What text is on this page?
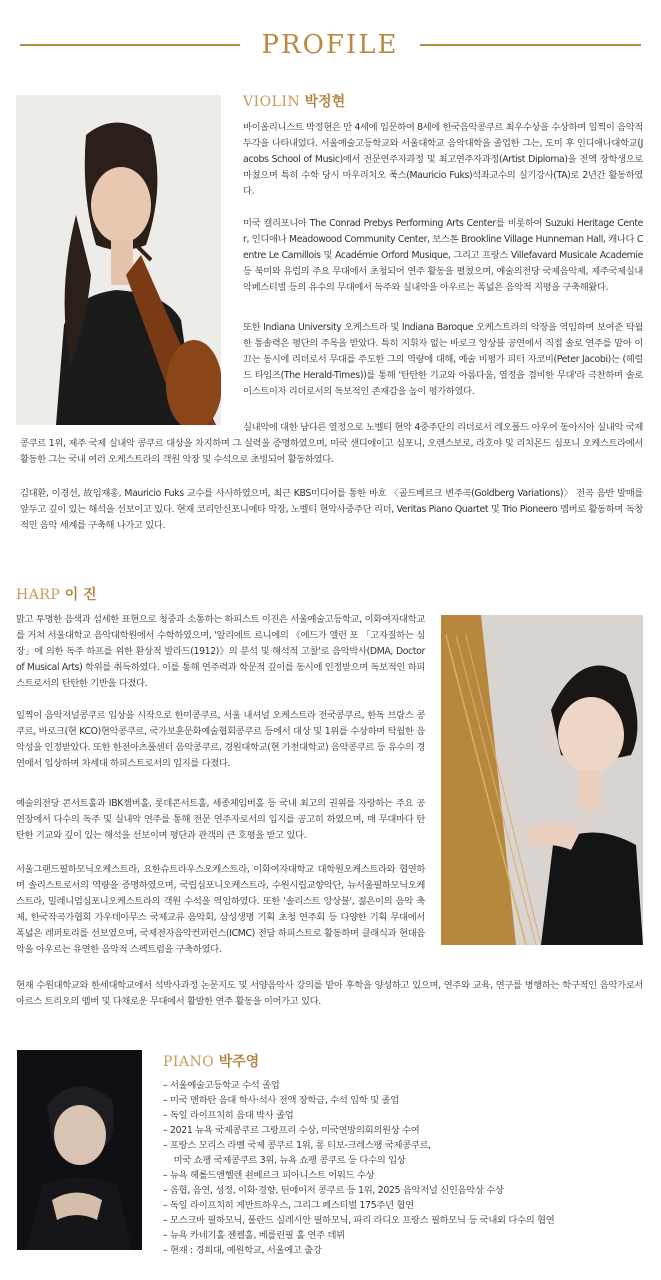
PROFILE
VIOLIN 박정현

바이올리니스트 박정현은 만 4세에 입문하여 8세에 한국음악콩쿠르 최우수상을 수상하며 일찍이 음악적 두각을 나타내었다. 서울예술고등학교와 서울대학교 음악대학을 졸업한 그는, 도미 후 인디애나대학교(Jacobs School of Music)에서 전문연주자과정 및 최고연주자과정(Artist Diploma)을 전액 장학생으로 마쳤으며 특히 수학 당시 마우리치오 푹스(Mauricio Fuks)석좌교수의 실기강사(TA)로 2년간 활동하였다.

미국 캘리포니아 The Conrad Prebys Performing Arts Center를 비롯하여 Suzuki Heritage Center, 인디애나 Meadowood Community Center, 보스톤 Brookline Village Hunneman Hall, 캐나다 Centre Le Camillois 및 Académie Orford Musique, 그리고 프랑스 Villefavard Musicale Academie 등 북미와 유럽의 주요 무대에서 초청되어 연주 활동을 펼쳤으며, 예술의전당 국제음악제, 제주국제실내악페스티벌 등의 유수의 무대에서 독주와 실내악을 아우르는 폭넓은 음악적 지평을 구축해왔다.

또한 Indiana University 오케스트라 및 Indiana Baroque 오케스트라의 악장을 역임하며 보여준 탁월한 통솔력은 평단의 주목을 받았다. 특히 지휘자 없는 바로크 앙상블 공연에서 직접 솔로 연주를 맡아 이끄는 동시에 리더로서 무대를 주도한 그의 역량에 대해, 예술 비평가 피터 자코비(Peter Jacobi)는 (헤럴드 타임즈(The Herald-Times))를 통해 '탄탄한 기교와 아름다움, 열정을 겸비한 무대'라 극찬하며 솔로이스트이자 리더로서의 독보적인 존재감을 높이 평가하였다.

실내악에 대한 남다른 열정으로 노벨티 현악 4중주단의 리더로서 레오폴드 아우어 동아시아 실내악 국제 콩쿠르 1위, 제주 국제 실내악 콩쿠르 대상을 차지하며 그 실력을 증명하였으며, 미국 샌디에이고 심포니, 오렌스보로, 라호야 및 리치몬드 심포니 오케스트라에서 활동한 그는 국내 여러 오케스트라의 객원 악장 및 수석으로 초빙되어 활동하였다.

김대환, 이경선, 故임재홍, Mauricio Fuks 교수를 사사하였으며, 최근 KBS미디어를 통한 바흐 〈골드베르크 변주곡(Goldberg Variations)〉 전곡 음반 발매를 앞두고 깊이 있는 해석을 선보이고 있다. 현재 코리안신포니에타 악장, 노벨티 현악사중주단 리더, Veritas Piano Quartet 및 Trio Pioneero 멤버로 활동하며 독창적인 음악 세계를 구축해 나가고 있다.

HARP 이 진

맑고 투명한 음색과 섬세한 표현으로 청중과 소통하는 하피스트 이진은 서울예술고등학교, 이화여자대학교를 거쳐 서울대학교 음악대학원에서 수학하였으며, '알리에트 르니에의 《에드가 앨런 포 「고자질하는 심장」에 의한 독주 하프를 위한 환상적 발라드(1912)》의 분석 및 해석적 고찰'로 음악박사(DMA, Doctor of Musical Arts) 학위를 취득하였다. 이를 통해 연주력과 학문적 깊이를 동시에 인정받으며 독보적인 하피스트로서의 탄탄한 기반을 다졌다.

일찍이 음악저널콩쿠르 입상을 시작으로 한미콩쿠르, 서울 내셔널 오케스트라 전국콩쿠르, 한독 브람스 콩쿠르, 바로크(현 KCO)현악콩쿠르, 국가보훈문화예술협회콩쿠르 등에서 대상 및 1위를 수상하며 탁월한 음악성을 인정받았다. 또한 한전아츠풀센터 음악콩쿠르, 경원대학교(현 가천대학교) 음악콩쿠르 등 유수의 경연에서 입상하며 차세대 하피스트로서의 입지를 다졌다.

예술의전당 콘서트홀과 IBK챔버홀, 롯데콘서트홀, 세종체임버홀 등 국내 최고의 권위를 자랑하는 주요 공연장에서 다수의 독주 및 실내악 연주를 통해 전문 연주자로서의 입지를 공고히 하였으며, 매 무대마다 탄탄한 기교와 깊이 있는 해석을 선보이며 평단과 관객의 큰 호평을 받고 있다.

서울그랜드필하모닉오케스트라, 요한슈트라우스오케스트라, 이화여자대학교 대학원오케스트라와 협연하며 솔리스트로서의 역량을 증명하였으며, 국립심포니오케스트라, 수원시립교향악단, 뉴서울필하모닉오케스트라, 밀레니엄심포니오케스트라의 객원 수석을 역임하였다. 또한 '솔리스트 앙상블', 젊은이의 음악 축제, 한국작곡가협회 가우데아무스 국제교류 음악회, 삼성생명 기획 초청 연주회 등 다양한 기획 무대에서 폭넓은 레퍼토리를 선보였으며, 국제전자음악컨퍼런스(ICMC) 전담 하피스트로 활동하며 클래식과 현대음악을 아우르는 유연한 음악적 스펙트럼을 구축하였다.

현재 수원대학교와 한세대학교에서 석박사과정 논문지도 및 서양음악사 강의를 맡아 후학을 양성하고 있으며, 연주와 교육, 연구를 병행하는 학구적인 음악가로서 아르스 트리오의 멤버 및 다채로운 무대에서 활발한 연주 활동을 이어가고 있다.

PIANO 박주영
– 서울예술고등학교 수석 졸업
– 미국 맨하탄 음대 학사·석사 전액 장학금, 수석 입학 및 졸업
– 독일 라이프치히 음대 박사 졸업
– 2021 뉴욕 국제콩쿠르 그랑프리 수상, 미국연방의회의원상 수여
– 프랑스 모리스 라벨 국제 콩쿠르 1위, 롱 티보-크레스팽 국제콩쿠르,
미국 쇼팽 국제콩쿠르 3위, 뉴욕 쇼팽 콩쿠르 등 다수의 입상
– 뉴욕 헤롤드앤헬렌 쇤베르크 피아니스트 어워드 수상
– 음협, 음연, 성정, 이화·경향, 틴에이저 콩쿠르 등 1위, 2025 음악저널 신인음악상 수상
– 독일 라이프치히 게반트하우스, 그리그 페스티벌 175주년 협연
– 모스크바 필하모닉, 폴란드 실레시안 필하모닉, 파리 라디오 프랑스 필하모닉 등 국내외 다수의 협연
– 뉴욕 카네기홀 젠켈홀, 베를린필 홀 연주 데뷔
– 현재 : 경희대, 예원학교, 서울예고 출강
